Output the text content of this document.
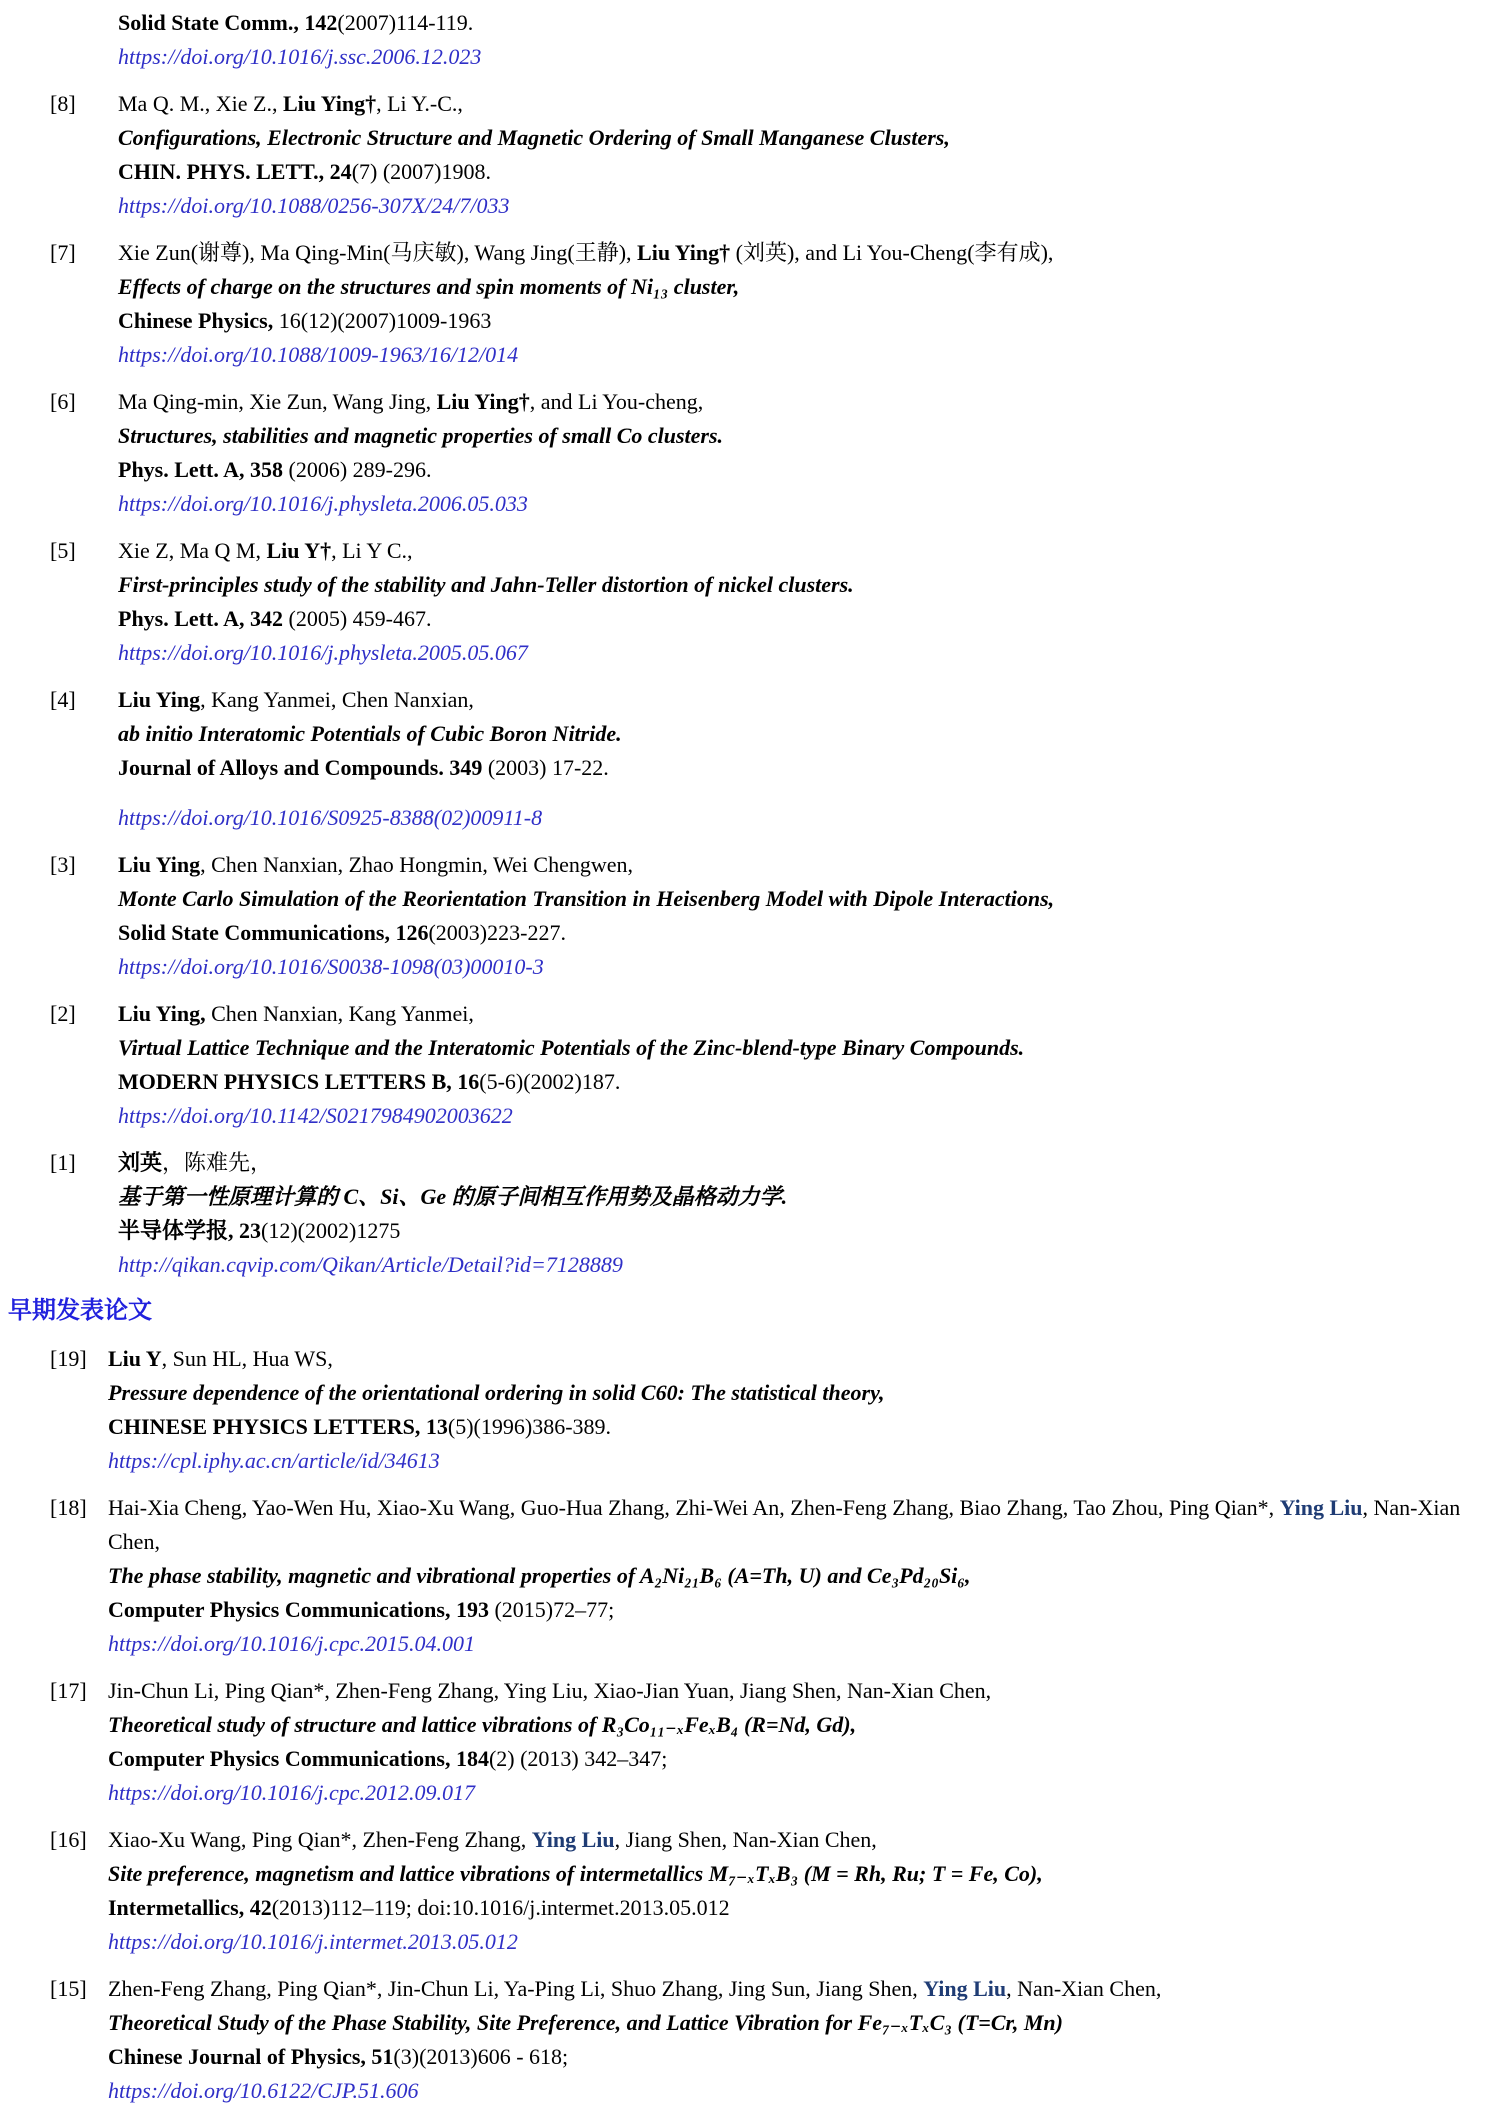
Solid State Comm., 142(2007)114-119.
https://doi.org/10.1016/j.ssc.2006.12.023
[8]	Ma Q. M., Xie Z., Liu Ying†, Li Y.-C.,
Configurations, Electronic Structure and Magnetic Ordering of Small Manganese Clusters,
CHIN. PHYS. LETT., 24(7) (2007)1908.
https://doi.org/10.1088/0256-307X/24/7/033
[7]	Xie Zun(谢尊), Ma Qing-Min(马庆敏), Wang Jing(王静), Liu Ying† (刘英), and Li You-Cheng(李有成),
Effects of charge on the structures and spin moments of Ni₁₃ cluster,
Chinese Physics, 16(12)(2007)1009-1963
https://doi.org/10.1088/1009-1963/16/12/014
[6]	Ma Qing-min, Xie Zun, Wang Jing, Liu Ying†, and Li You-cheng,
Structures, stabilities and magnetic properties of small Co clusters.
Phys. Lett. A, 358 (2006) 289-296.
https://doi.org/10.1016/j.physleta.2006.05.033
[5]	Xie Z, Ma Q M, Liu Y†, Li Y C.,
First-principles study of the stability and Jahn-Teller distortion of nickel clusters.
Phys. Lett. A, 342 (2005) 459-467.
https://doi.org/10.1016/j.physleta.2005.05.067
[4]	Liu Ying, Kang Yanmei, Chen Nanxian,
ab initio Interatomic Potentials of Cubic Boron Nitride.
Journal of Alloys and Compounds. 349 (2003) 17-22.
https://doi.org/10.1016/S0925-8388(02)00911-8
[3]	Liu Ying, Chen Nanxian, Zhao Hongmin, Wei Chengwen,
Monte Carlo Simulation of the Reorientation Transition in Heisenberg Model with Dipole Interactions,
Solid State Communications, 126(2003)223-227.
https://doi.org/10.1016/S0038-1098(03)00010-3
[2]	Liu Ying, Chen Nanxian, Kang Yanmei,
Virtual Lattice Technique and the Interatomic Potentials of the Zinc-blend-type Binary Compounds.
MODERN PHYSICS LETTERS B, 16(5-6)(2002)187.
https://doi.org/10.1142/S0217984902003622
[1]	刘英，陈难先，
基于第一性原理计算的 C、Si、Ge 的原子间相互作用势及晶格动力学.
半导体学报, 23(12)(2002)1275
http://qikan.cqvip.com/Qikan/Article/Detail?id=7128889
早期发表论文
[19] Liu Y, Sun HL, Hua WS,
Pressure dependence of the orientational ordering in solid C60: The statistical theory,
CHINESE PHYSICS LETTERS, 13(5)(1996)386-389.
https://cpl.iphy.ac.cn/article/id/34613
[18] Hai-Xia Cheng, Yao-Wen Hu, Xiao-Xu Wang, Guo-Hua Zhang, Zhi-Wei An, Zhen-Feng Zhang, Biao Zhang, Tao Zhou, Ping Qian*, Ying Liu, Nan-Xian Chen,
The phase stability, magnetic and vibrational properties of A₂Ni₂₁B₆ (A=Th, U) and Ce₃Pd₂₀Si₆,
Computer Physics Communications, 193 (2015)72–77;
https://doi.org/10.1016/j.cpc.2015.04.001
[17] Jin-Chun Li, Ping Qian*, Zhen-Feng Zhang, Ying Liu, Xiao-Jian Yuan, Jiang Shen, Nan-Xian Chen,
Theoretical study of structure and lattice vibrations of R₃Co₁₁₋ₓFeₓB₄ (R=Nd, Gd),
Computer Physics Communications, 184(2) (2013) 342–347;
https://doi.org/10.1016/j.cpc.2012.09.017
[16] Xiao-Xu Wang, Ping Qian*, Zhen-Feng Zhang, Ying Liu, Jiang Shen, Nan-Xian Chen,
Site preference, magnetism and lattice vibrations of intermetallics M₇₋ₓTₓB₃ (M = Rh, Ru; T = Fe, Co),
Intermetallics, 42(2013)112–119; doi:10.1016/j.intermet.2013.05.012
https://doi.org/10.1016/j.intermet.2013.05.012
[15] Zhen-Feng Zhang, Ping Qian*, Jin-Chun Li, Ya-Ping Li, Shuo Zhang, Jing Sun, Jiang Shen, Ying Liu, Nan-Xian Chen,
Theoretical Study of the Phase Stability, Site Preference, and Lattice Vibration for Fe₇₋ₓTₓC₃ (T=Cr, Mn)
Chinese Journal of Physics, 51(3)(2013)606 - 618;
https://doi.org/10.6122/CJP.51.606
